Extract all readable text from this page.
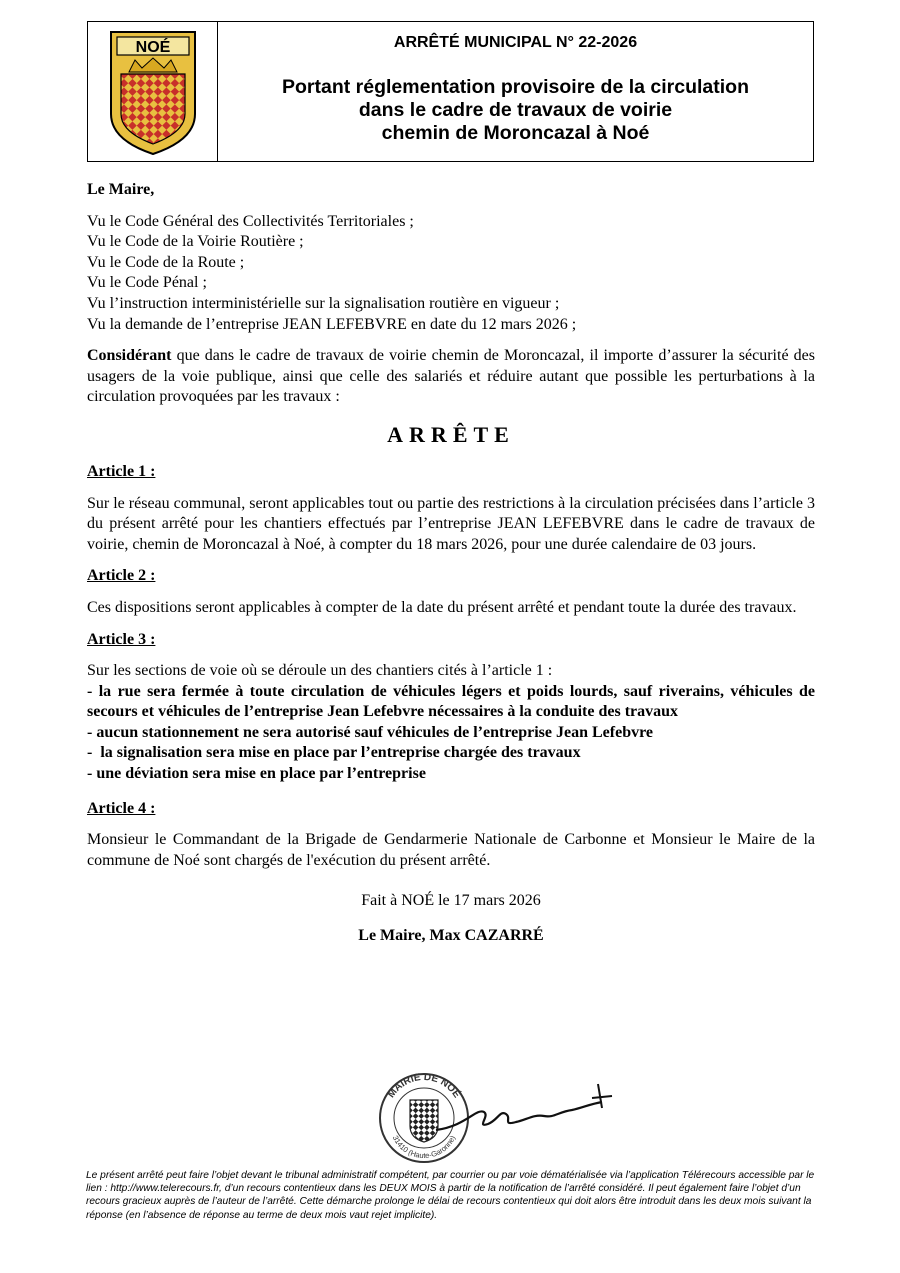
NOÉ	ARRÊTÉ MUNICIPAL N° 22-2026
Portant réglementation provisoire de la circulation
dans le cadre de travaux de voirie
chemin de Moroncazal à Noé

Le Maire,

Vu le Code Général des Collectivités Territoriales ;

Vu le Code de la Voirie Routière ;

Vu le Code de la Route ;

Vu le Code Pénal ;

Vu l’instruction interministérielle sur la signalisation routière en vigueur ;

Vu la demande de l’entreprise JEAN LEFEBVRE en date du 12 mars 2026 ;

Considérant que dans le cadre de travaux de voirie chemin de Moroncazal, il importe d’assurer la sécurité des usagers de la voie publique, ainsi que celle des salariés et réduire autant que possible les perturbations à la circulation provoquées par les travaux :

ARRÊTE

Article 1 :

Sur le réseau communal, seront applicables tout ou partie des restrictions à la circulation précisées dans l’article 3 du présent arrêté pour les chantiers effectués par l’entreprise JEAN LEFEBVRE dans le cadre de travaux de voirie, chemin de Moroncazal à Noé, à compter du 18 mars 2026, pour une durée calendaire de 03 jours.

Article 2 :

Ces dispositions seront applicables à compter de la date du présent arrêté et pendant toute la durée des travaux.

Article 3 :

Sur les sections de voie où se déroule un des chantiers cités à l’article 1 :

- la rue sera fermée à toute circulation de véhicules légers et poids lourds, sauf riverains, véhicules de secours et véhicules de l’entreprise Jean Lefebvre nécessaires à la conduite des travaux

- aucun stationnement ne sera autorisé sauf véhicules de l’entreprise Jean Lefebvre

-  la signalisation sera mise en place par l’entreprise chargée des travaux

- une déviation sera mise en place par l’entreprise

Article 4 :

Monsieur le Commandant de la Brigade de Gendarmerie Nationale de Carbonne et Monsieur le Maire de la commune de Noé sont chargés de l'exécution du présent arrêté.

Fait à NOÉ le 17 mars 2026

Le Maire, Max CAZARRÉ

MAIRIE DE NOÉ
31410 (Haute-Garonne)
Le présent arrêté peut faire l’objet devant le tribunal administratif compétent, par courrier ou par voie dématérialisée via l’application Télérecours accessible par le lien : http://www.telerecours.fr, d’un recours contentieux dans les DEUX MOIS à partir de la notification de l’arrêté considéré. Il peut également faire l’objet d’un recours gracieux auprès de l’auteur de l’arrêté. Cette démarche prolonge le délai de recours contentieux qui doit alors être introduit dans les deux mois suivant la réponse (en l’absence de réponse au terme de deux mois vaut rejet implicite).
